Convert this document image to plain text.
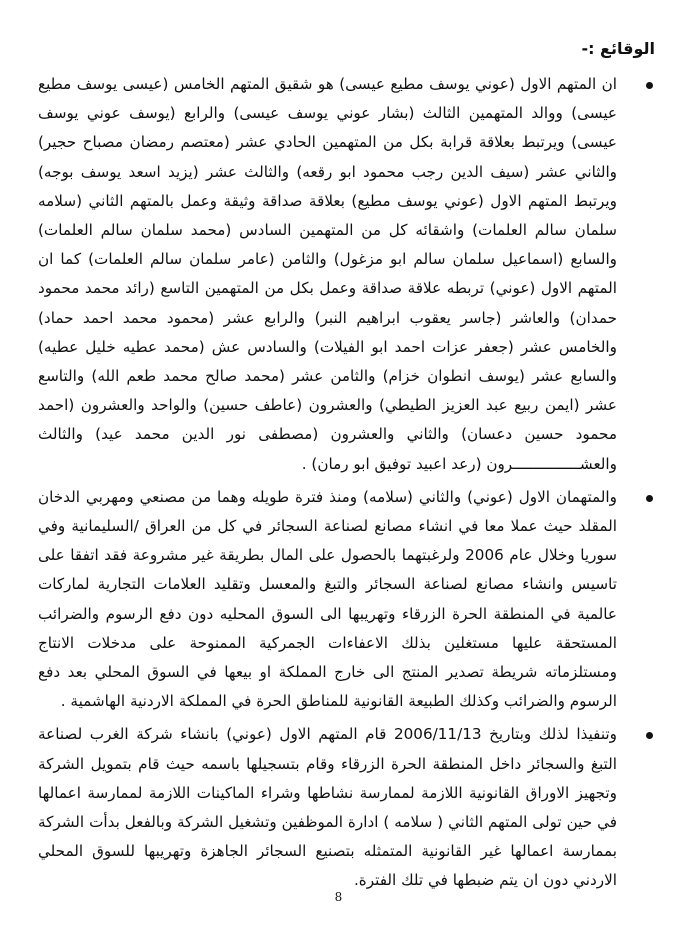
الوقائع :-
ان المتهم الاول (عوني يوسف مطيع عيسى) هو شقيق المتهم الخامس (عيسى يوسف مطيع عيسى) ووالد المتهمين الثالث (بشار عوني يوسف عيسى) والرابع (يوسف عوني يوسف عيسى) ويرتبط بعلاقة قرابة بكل من المتهمين الحادي عشر (معتصم رمضان مصباح حجير) والثاني عشر (سيف الدين رجب محمود ابو رقعه) والثالث عشر (يزيد اسعد يوسف بوجه) ويرتبط المتهم الاول (عوني يوسف مطيع) بعلاقة صداقة وثيقة وعمل بالمتهم الثاني (سلامه سلمان سالم العلمات) واشقائه كل من المتهمين السادس (محمد سلمان سالم العلمات) والسابع (اسماعيل سلمان سالم ابو مزغول) والثامن (عامر سلمان سالم العلمات) كما ان المتهم الاول (عوني) تربطه علاقة صداقة وعمل بكل من المتهمين التاسع (رائد محمد محمود حمدان) والعاشر (جاسر يعقوب ابراهيم النبر) والرابع عشر (محمود محمد احمد حماد) والخامس عشر (جعفر عزات احمد ابو الفيلات) والسادس عش (محمد عطيه خليل عطيه) والسابع عشر (يوسف انطوان خزام) والثامن عشر (محمد صالح محمد طعم الله) والتاسع عشر (ايمن ربيع عبد العزيز الطيطي) والعشرون (عاطف حسين) والواحد والعشرون (احمد محمود حسين دعسان) والثاني والعشرون (مصطفى نور الدين محمد عيد) والثالث والعشـــــــــــــــرون (رعد اعبيد توفيق ابو رمان) .
والمتهمان الاول (عوني) والثاني (سلامه) ومنذ فترة طويله وهما من مصنعي ومهربي الدخان المقلد حيث عملا معا في انشاء مصانع لصناعة السجائر في كل من العراق /السليمانية وفي سوريا وخلال عام 2006 ولرغبتهما بالحصول على المال بطريقة غير مشروعة فقد اتفقا على تاسيس وانشاء مصانع لصناعة السجائر والتبغ والمعسل وتقليد العلامات التجارية لماركات عالمية في المنطقة الحرة الزرقاء وتهريبها الى السوق المحليه دون دفع الرسوم والضرائب المستحقة عليها مستغلين بذلك الاعفاءات الجمركية الممنوحة على مدخلات الانتاج ومستلزماته شريطة تصدير المنتج الى خارج المملكة او بيعها في السوق المحلي بعد دفع الرسوم والضرائب وكذلك الطبيعة القانونية للمناطق الحرة في المملكة الاردنية الهاشمية .
وتنفيذا لذلك وبتاريخ 2006/11/13 قام المتهم الاول (عوني) بانشاء شركة الغرب لصناعة التبغ والسجائر داخل المنطقة الحرة الزرقاء وقام بتسجيلها باسمه حيث قام بتمويل الشركة وتجهيز الاوراق القانونية اللازمة لممارسة نشاطها وشراء الماكينات اللازمة لممارسة اعمالها في حين تولى المتهم الثاني ( سلامه ) ادارة الموظفين وتشغيل الشركة وبالفعل بدأت الشركة بممارسة اعمالها غير القانونية المتمثله بتصنيع السجائر الجاهزة وتهريبها للسوق المحلي الاردني دون ان يتم ضبطها في تلك الفترة.
8
